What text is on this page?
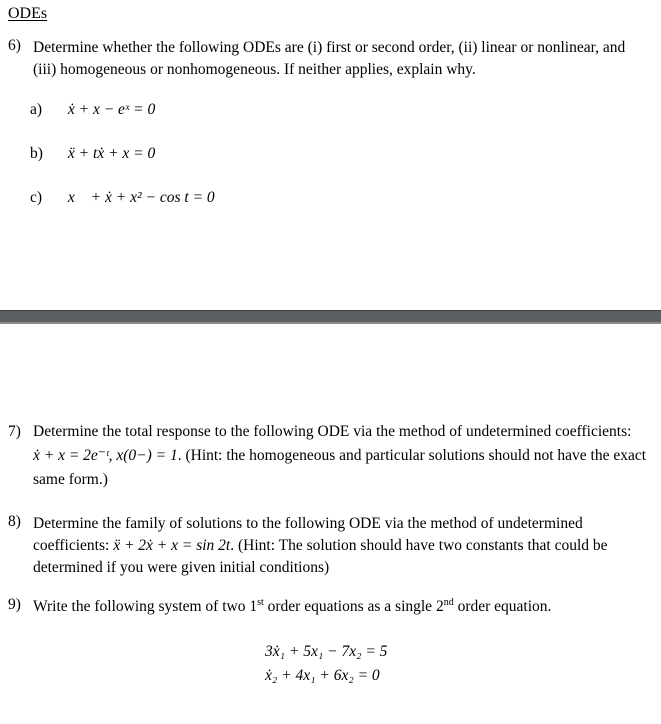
ODEs
6) Determine whether the following ODEs are (i) first or second order, (ii) linear or nonlinear, and (iii) homogeneous or nonhomogeneous. If neither applies, explain why.
a) ẋ + x − eˣ = 0
b) ẍ + tẋ + x = 0
c) x⃛ + ẋ + x² − cos t = 0
7) Determine the total response to the following ODE via the method of undetermined coefficients: ẋ + x = 2e⁻ᵗ, x(0−) = 1. (Hint: the homogeneous and particular solutions should not have the exact same form.)
8) Determine the family of solutions to the following ODE via the method of undetermined coefficients: ẍ + 2ẋ + x = sin 2t. (Hint: The solution should have two constants that could be determined if you were given initial conditions)
9) Write the following system of two 1st order equations as a single 2nd order equation.
3ẋ₁ + 5x₁ − 7x₂ = 5
ẋ₂ + 4x₁ + 6x₂ = 0
